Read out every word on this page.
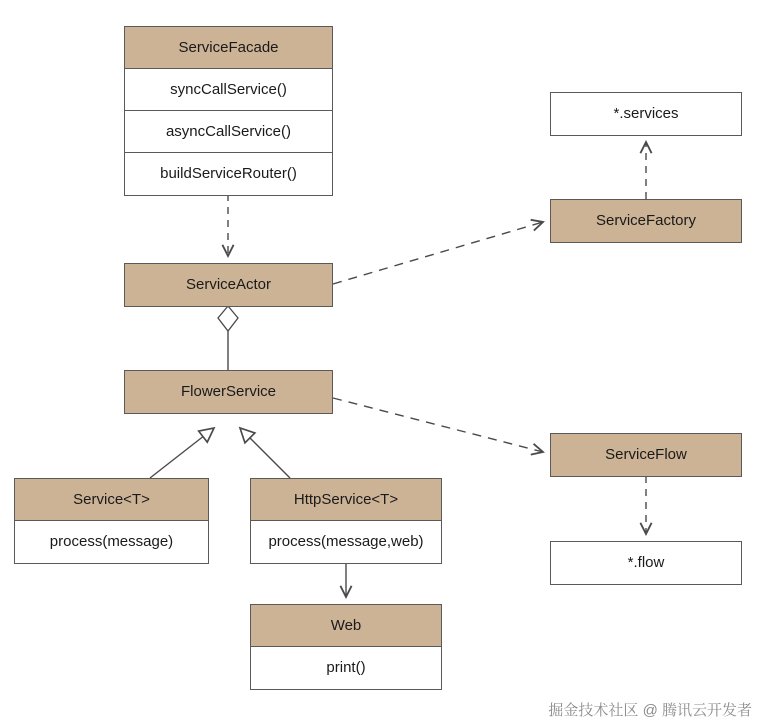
ServiceFacade
syncCallService()
asyncCallService()
buildServiceRouter()
ServiceActor
FlowerService
Service<T>
process(message)
HttpService<T>
process(message,web)
Web
print()
ServiceFactory
*.services
ServiceFlow
*.flow
掘金技术社区 @ 腾讯云开发者
